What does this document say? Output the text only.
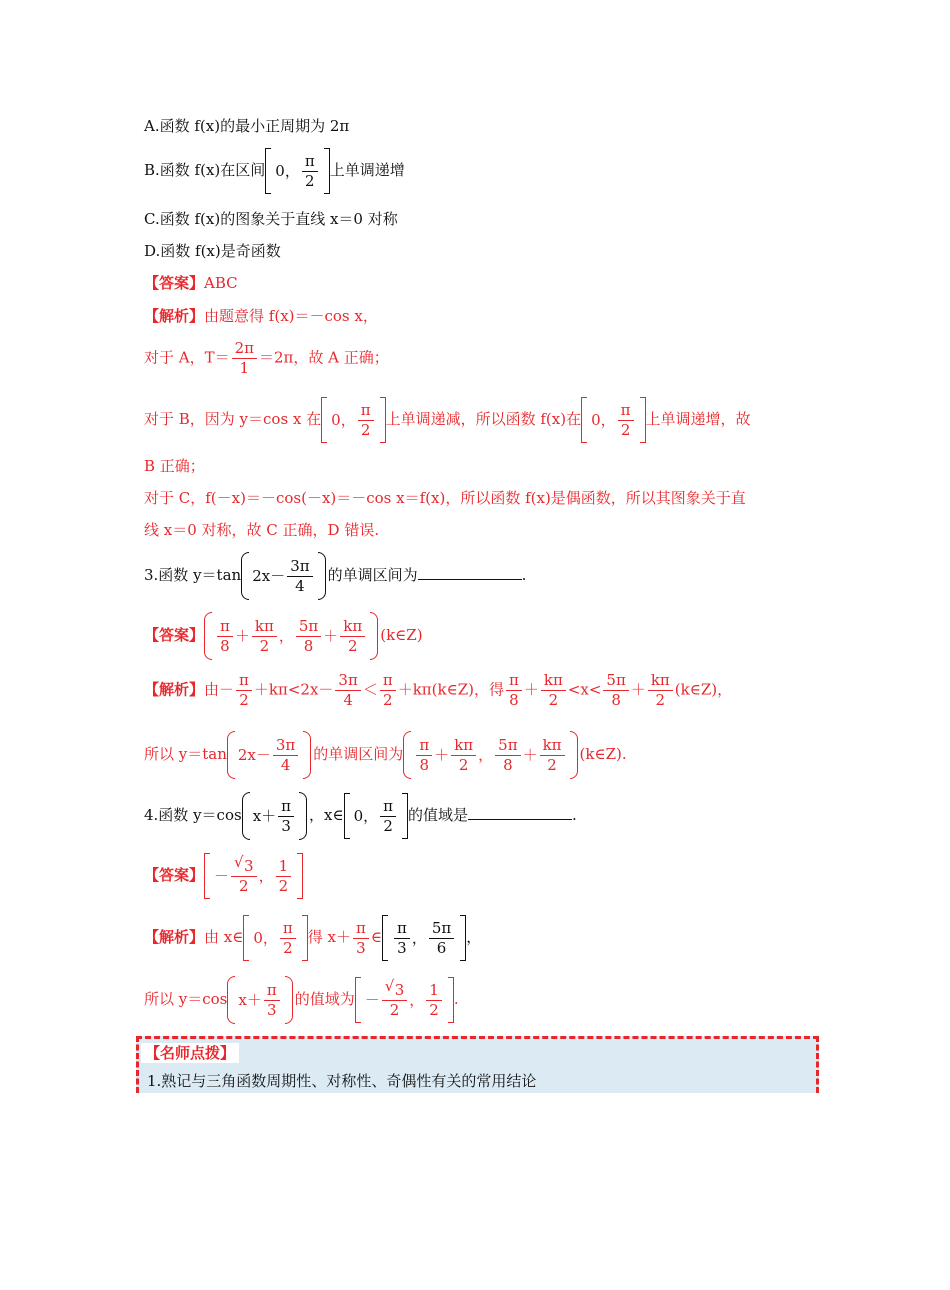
A.函数 f(x)的最小正周期为 2π
B.函数 f(x)在区间 0 ， $\frac{\pi}{2}$ 上单调递增
C.函数 f(x)的图象关于直线 x＝0 对称
D.函数 f(x)是奇函数
【答案】ABC
【解析】由题意得 f(x)＝－cos x，
对于 A，$T= \frac{2\pi}{1} =2\pi$，故 A 正确；
对于 B，因为 y＝cos x 在 0 ， $\frac{\pi}{2}$ 上单调递减，所以函数 f(x)在 0 ， $\frac{\pi}{2}$ 上单调递增，故
B 正确；
对于 C，f(－x)＝－cos(－x)＝－cos x＝f(x)，所以函数 f(x)是偶函数，所以其图象关于直
线 x＝0 对称，故 C 正确，D 错误.
3.函数 y＝tan $2x- \frac{3\pi}{4}$ 的单调区间为	.
【答案】 $\frac{\pi}{8} + \frac{k\pi}{2}$ ， $\frac{5\pi}{8} + \frac{k\pi}{2}$ (k∈Z)
【解析】由－ $\frac{\pi}{2} +k\pi<2x- \frac{3\pi}{4} < \frac{\pi}{2}$ ＋kπ(k∈Z)，得 $\frac{\pi}{8} + \frac{k\pi}{2} <x< \frac{5\pi}{8} + \frac{k\pi}{2}$ (k∈Z)，
所以 y＝tan $2x- \frac{3\pi}{4}$ 的单调区间为 $\frac{\pi}{8} + \frac{k\pi}{2}$ ， $\frac{5\pi}{8} + \frac{k\pi}{2}$ (k∈Z).
4.函数 y＝cos $x+ \frac{\pi}{3}$ ，x∈ 0 ， $\frac{\pi}{2}$ 的值域是	.
【答案】 － $\frac{√ 3}{2}$ ， $\frac{1}{2}$
【解析】由 x∈ 0 ， $\frac{\pi}{2}$ 得 $x+ \frac{\pi}{3}$ ∈ $\frac{\pi}{3}$ ， $\frac{5\pi}{6}$ ，
所以 y＝cos $x+ \frac{\pi}{3}$ 的值域为 － $\frac{√ 3}{2}$ ， $\frac{1}{2}$ .
【名师点拨】
1.熟记与三角函数周期性、对称性、奇偶性有关的常用结论
